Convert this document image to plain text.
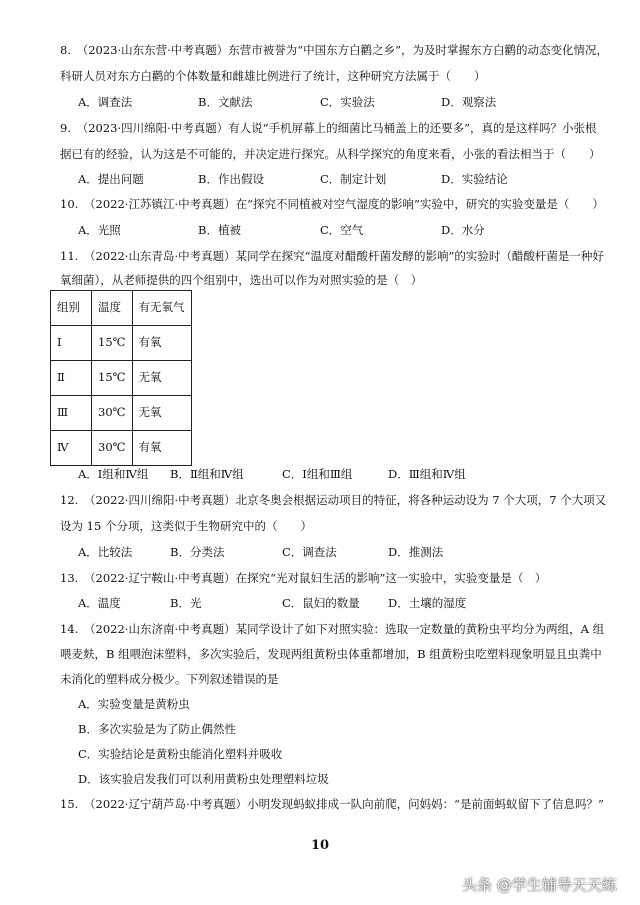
8.　（2023·山东东营·中考真题）东营市被誉为“中国东方白鹳之乡”，为及时掌握东方白鹳的动态变化情况，
科研人员对东方白鹳的个体数量和雌雄比例进行了统计，这种研究方法属于（　　）
A．调查法	B．文献法	C．实验法	D．观察法
9.　（2023·四川绵阳·中考真题）有人说“手机屏幕上的细菌比马桶盖上的还要多”，真的是这样吗？小张根
据已有的经验，认为这是不可能的，并决定进行探究。从科学探究的角度来看，小张的看法相当于（　　）
A．提出问题	B．作出假设	C．制定计划	D．实验结论
10.　（2022·江苏镇江·中考真题）在“探究不同植被对空气湿度的影响”实验中，研究的实验变量是（　　）
A．光照	B．植被	C．空气	D．水分
11.　（2022·山东青岛·中考真题）某同学在探究“温度对醋酸杆菌发酵的影响”的实验时（醋酸杆菌是一种好
氧细菌），从老师提供的四个组别中，选出可以作为对照实验的是（　）
组别	温度	有无氧气
Ⅰ	15℃	有氧
Ⅱ	15℃	无氧
Ⅲ	30℃	无氧
Ⅳ	30℃	有氧
A．Ⅰ组和Ⅳ组 B．Ⅱ组和Ⅳ组	C．Ⅰ组和Ⅲ组	D．Ⅲ组和Ⅳ组
12.　（2022·四川绵阳·中考真题）北京冬奥会根据运动项目的特征，将各种运动设为 7 个大项，7 个大项又
设为 15 个分项，这类似于生物研究中的（　　）
A．比较法	B．分类法	C．调查法	D．推测法
13.　（2022·辽宁鞍山·中考真题）在探究“光对鼠妇生活的影响”这一实验中，实验变量是（　）
A．温度	B．光	C．鼠妇的数量 D．土壤的湿度
14.　（2022·山东济南·中考真题）某同学设计了如下对照实验：选取一定数量的黄粉虫平均分为两组，A 组
喂麦麸，B 组喂泡沫塑料，多次实验后，发现两组黄粉虫体重都增加，B 组黄粉虫吃塑料现象明显且虫粪中
未消化的塑料成分极少。下列叙述错误的是
A．实验变量是黄粉虫
B．多次实验是为了防止偶然性
C．实验结论是黄粉虫能消化塑料并吸收
D．该实验启发我们可以利用黄粉虫处理塑料垃圾
15.　（2022·辽宁葫芦岛·中考真题）小明发现蚂蚁排成一队向前爬，问妈妈：“是前面蚂蚁留下了信息吗？”
10
头条 @学生辅导天天练
